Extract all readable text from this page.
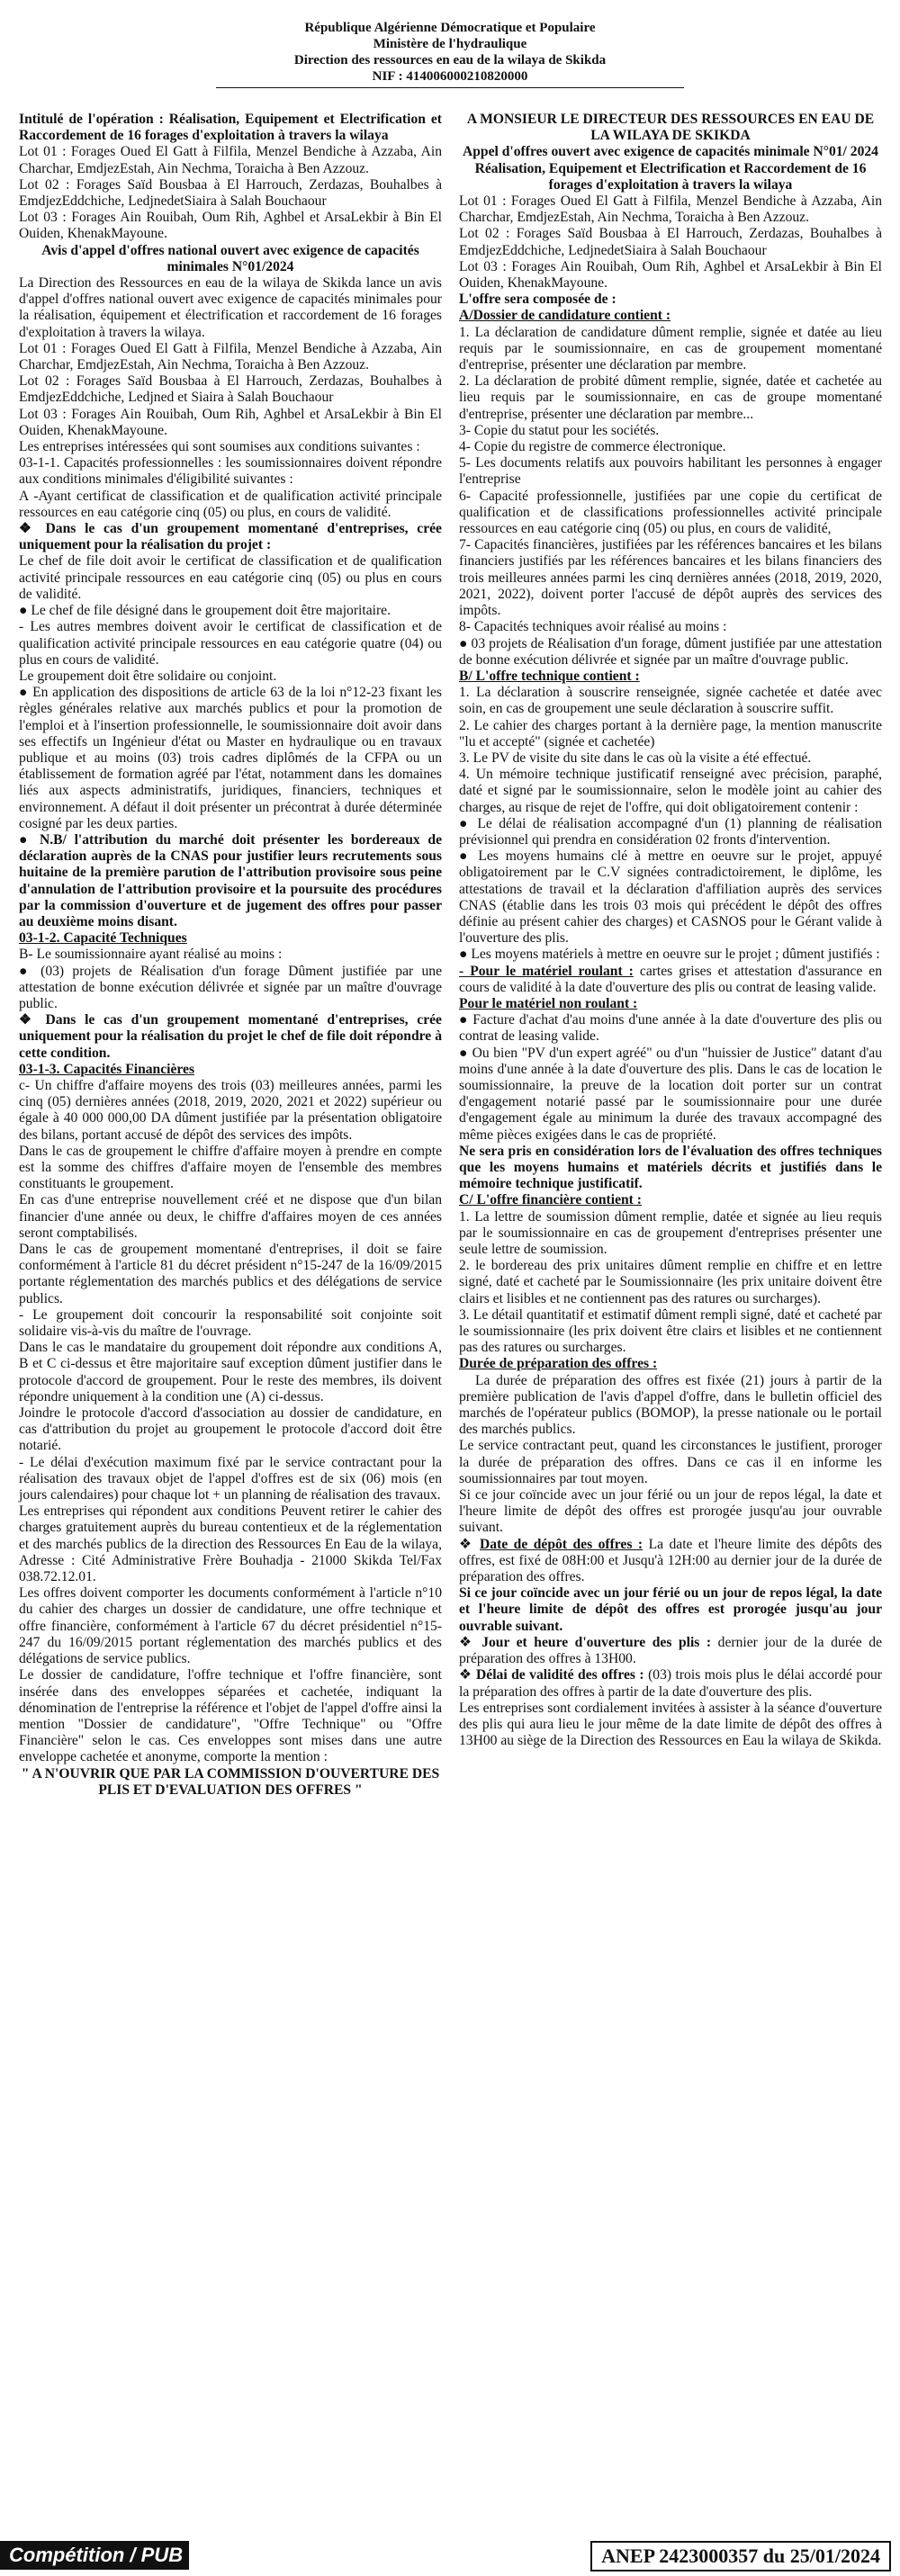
République Algérienne Démocratique et Populaire
Ministère de l'hydraulique
Direction des ressources en eau de la wilaya de Skikda
NIF : 414006000210820000

Intitulé de l'opération : Réalisation, Equipement et Electrification et Raccordement de 16 forages d'exploitation à travers la wilaya

Lot 01 : Forages Oued El Gatt à Filfila, Menzel Bendiche à Azzaba, Ain Charchar, EmdjezEstah, Ain Nechma, Toraicha à Ben Azzouz.

Lot 02 : Forages Saïd Bousbaa à El Harrouch, Zerdazas, Bouhalbes à EmdjezEddchiche, LedjnedetSiaira à Salah Bouchaour

Lot 03 : Forages Ain Rouibah, Oum Rih, Aghbel et ArsaLekbir à Bin El Ouiden, KhenakMayoune.

Avis d'appel d'offres national ouvert avec exigence de capacités minimales N°01/2024

La Direction des Ressources en eau de la wilaya de Skikda lance un avis d'appel d'offres national ouvert avec exigence de capacités minimales pour la réalisation, équipement et électrification et raccordement de 16 forages d'exploitation à travers la wilaya.

Lot 01 : Forages Oued El Gatt à Filfila, Menzel Bendiche à Azzaba, Ain Charchar, EmdjezEstah, Ain Nechma, Toraicha à Ben Azzouz.

Lot 02 : Forages Saïd Bousbaa à El Harrouch, Zerdazas, Bouhalbes à EmdjezEddchiche, Ledjned et Siaira à Salah Bouchaour

Lot 03 : Forages Ain Rouibah, Oum Rih, Aghbel et ArsaLekbir à Bin El Ouiden, KhenakMayoune.

Les entreprises intéressées qui sont soumises aux conditions suivantes :

03-1-1. Capacités professionnelles : les soumissionnaires doivent répondre aux conditions minimales d'éligibilité suivantes :

A -Ayant certificat de classification et de qualification activité principale ressources en eau catégorie cinq (05) ou plus, en cours de validité.

❖ Dans le cas d'un groupement momentané d'entreprises, crée uniquement pour la réalisation du projet :

Le chef de file doit avoir le certificat de classification et de qualification activité principale ressources en eau catégorie cinq (05) ou plus en cours de validité.

● Le chef de file désigné dans le groupement doit être majoritaire.

- Les autres membres doivent avoir le certificat de classification et de qualification activité principale ressources en eau catégorie quatre (04) ou plus en cours de validité.

Le groupement doit être solidaire ou conjoint.

● En application des dispositions de article 63 de la loi n°12-23 fixant les règles générales relative aux marchés publics et pour la promotion de l'emploi et à l'insertion professionnelle, le soumissionnaire doit avoir dans ses effectifs un Ingénieur d'état ou Master en hydraulique ou en travaux publique et au moins (03) trois cadres diplômés de la CFPA ou un établissement de formation agréé par l'état, notamment dans les domaines liés aux aspects administratifs, juridiques, financiers, techniques et environnement. A défaut il doit présenter un précontrat à durée déterminée cosigné par les deux parties.

● N.B/ l'attribution du marché doit présenter les bordereaux de déclaration auprès de la CNAS pour justifier leurs recrutements sous huitaine de la première parution de l'attribution provisoire sous peine d'annulation de l'attribution provisoire et la poursuite des procédures par la commission d'ouverture et de jugement des offres pour passer au deuxième moins disant.

03-1-2. Capacité Techniques

B- Le soumissionnaire ayant réalisé au moins :

● (03) projets de Réalisation d'un forage Dûment justifiée par une attestation de bonne exécution délivrée et signée par un maître d'ouvrage public.

❖ Dans le cas d'un groupement momentané d'entreprises, crée uniquement pour la réalisation du projet le chef de file doit répondre à cette condition.

03-1-3. Capacités Financières

c- Un chiffre d'affaire moyens des trois (03) meilleures années, parmi les cinq (05) dernières années (2018, 2019, 2020, 2021 et 2022) supérieur ou égale à 40 000 000,00 DA dûment justifiée par la présentation obligatoire des bilans, portant accusé de dépôt des services des impôts.

Dans le cas de groupement le chiffre d'affaire moyen à prendre en compte est la somme des chiffres d'affaire moyen de l'ensemble des membres constituants le groupement.

En cas d'une entreprise nouvellement créé et ne dispose que d'un bilan financier d'une année ou deux, le chiffre d'affaires moyen de ces années seront comptabilisés.

Dans le cas de groupement momentané d'entreprises, il doit se faire conformément à l'article 81 du décret président n°15-247 de la 16/09/2015 portante réglementation des marchés publics et des délégations de service publics.

- Le groupement doit concourir la responsabilité soit conjointe soit solidaire vis-à-vis du maître de l'ouvrage.

Dans le cas le mandataire du groupement doit répondre aux conditions A, B et C ci-dessus et être majoritaire sauf exception dûment justifier dans le protocole d'accord de groupement. Pour le reste des membres, ils doivent répondre uniquement à la condition une (A) ci-dessus.

Joindre le protocole d'accord d'association au dossier de candidature, en cas d'attribution du projet au groupement le protocole d'accord doit être notarié.

- Le délai d'exécution maximum fixé par le service contractant pour la réalisation des travaux objet de l'appel d'offres est de six (06) mois (en jours calendaires) pour chaque lot + un planning de réalisation des travaux.

Les entreprises qui répondent aux conditions Peuvent retirer le cahier des charges gratuitement auprès du bureau contentieux et de la réglementation et des marchés publics de la direction des Ressources En Eau de la wilaya, Adresse : Cité Administrative Frère Bouhadja - 21000 Skikda Tel/Fax 038.72.12.01.

Les offres doivent comporter les documents conformément à l'article n°10 du cahier des charges un dossier de candidature, une offre technique et offre financière, conformément à l'article 67 du décret présidentiel n°15-247 du 16/09/2015 portant réglementation des marchés publics et des délégations de service publics.

Le dossier de candidature, l'offre technique et l'offre financière, sont insérée dans des enveloppes séparées et cachetée, indiquant la dénomination de l'entreprise la référence et l'objet de l'appel d'offre ainsi la mention "Dossier de candidature", "Offre Technique" ou "Offre Financière" selon le cas. Ces enveloppes sont mises dans une autre enveloppe cachetée et anonyme, comporte la mention :

" A N'OUVRIR QUE PAR LA COMMISSION D'OUVERTURE DES PLIS ET D'EVALUATION DES OFFRES "

A MONSIEUR LE DIRECTEUR DES RESSOURCES EN EAU DE LA WILAYA DE SKIKDA

Appel d'offres ouvert avec exigence de capacités minimale N°01/ 2024

Réalisation, Equipement et Electrification et Raccordement de 16 forages d'exploitation à travers la wilaya

Lot 01 : Forages Oued El Gatt à Filfila, Menzel Bendiche à Azzaba, Ain Charchar, EmdjezEstah, Ain Nechma, Toraicha à Ben Azzouz.

Lot 02 : Forages Saïd Bousbaa à El Harrouch, Zerdazas, Bouhalbes à EmdjezEddchiche, LedjnedetSiaira à Salah Bouchaour

Lot 03 : Forages Ain Rouibah, Oum Rih, Aghbel et ArsaLekbir à Bin El Ouiden, KhenakMayoune.

L'offre sera composée de :

A/Dossier de candidature contient :

1. La déclaration de candidature dûment remplie, signée et datée au lieu requis par le soumissionnaire, en cas de groupement momentané d'entreprise, présenter une déclaration par membre.

2. La déclaration de probité dûment remplie, signée, datée et cachetée au lieu requis par le soumissionnaire, en cas de groupe momentané d'entreprise, présenter une déclaration par membre...

3- Copie du statut pour les sociétés.

4- Copie du registre de commerce électronique.

5- Les documents relatifs aux pouvoirs habilitant les personnes à engager l'entreprise

6- Capacité professionnelle, justifiées par une copie du certificat de qualification et de classifications professionnelles activité principale ressources en eau catégorie cinq (05) ou plus, en cours de validité,

7- Capacités financières, justifiées par les références bancaires et les bilans financiers justifiés par les références bancaires et les bilans financiers des trois meilleures années parmi les cinq dernières années (2018, 2019, 2020, 2021, 2022), doivent porter l'accusé de dépôt auprès des services des impôts.

8- Capacités techniques avoir réalisé au moins :

● 03 projets de Réalisation d'un forage, dûment justifiée par une attestation de bonne exécution délivrée et signée par un maître d'ouvrage public.

B/ L'offre technique contient :

1. La déclaration à souscrire renseignée, signée cachetée et datée avec soin, en cas de groupement une seule déclaration à souscrire suffit.

2. Le cahier des charges portant à la dernière page, la mention manuscrite "lu et accepté" (signée et cachetée)

3. Le PV de visite du site dans le cas où la visite a été effectué.

4. Un mémoire technique justificatif renseigné avec précision, paraphé, daté et signé par le soumissionnaire, selon le modèle joint au cahier des charges, au risque de rejet de l'offre, qui doit obligatoirement contenir :

● Le délai de réalisation accompagné d'un (1) planning de réalisation prévisionnel qui prendra en considération 02 fronts d'intervention.

● Les moyens humains clé à mettre en oeuvre sur le projet, appuyé obligatoirement par le C.V signées contradictoirement, le diplôme, les attestations de travail et la déclaration d'affiliation auprès des services CNAS (établie dans les trois 03 mois qui précédent le dépôt des offres définie au présent cahier des charges) et CASNOS pour le Gérant valide à l'ouverture des plis.

● Les moyens matériels à mettre en oeuvre sur le projet ; dûment justifiés :

- Pour le matériel roulant : cartes grises et attestation d'assurance en cours de validité à la date d'ouverture des plis ou contrat de leasing valide.

Pour le matériel non roulant :

● Facture d'achat d'au moins d'une année à la date d'ouverture des plis ou contrat de leasing valide.

● Ou bien "PV d'un expert agréé" ou d'un "huissier de Justice" datant d'au moins d'une année à la date d'ouverture des plis. Dans le cas de location le soumissionnaire, la preuve de la location doit porter sur un contrat d'engagement notarié passé par le soumissionnaire pour une durée d'engagement égale au minimum la durée des travaux accompagné des même pièces exigées dans le cas de propriété.

Ne sera pris en considération lors de l'évaluation des offres techniques que les moyens humains et matériels décrits et justifiés dans le mémoire technique justificatif.

C/ L'offre financière contient :

1. La lettre de soumission dûment remplie, datée et signée au lieu requis par le soumissionnaire en cas de groupement d'entreprises présenter une seule lettre de soumission.

2. le bordereau des prix unitaires dûment remplie en chiffre et en lettre signé, daté et cacheté par le Soumissionnaire (les prix unitaire doivent être clairs et lisibles et ne contiennent pas des ratures ou surcharges).

3. Le détail quantitatif et estimatif dûment rempli signé, daté et cacheté par le soumissionnaire (les prix doivent être clairs et lisibles et ne contiennent pas des ratures ou surcharges.

Durée de préparation des offres :

La durée de préparation des offres est fixée (21) jours à partir de la première publication de l'avis d'appel d'offre, dans le bulletin officiel des marchés de l'opérateur publics (BOMOP), la presse nationale ou le portail des marchés publics.

Le service contractant peut, quand les circonstances le justifient, proroger la durée de préparation des offres. Dans ce cas il en informe les soumissionnaires par tout moyen.

Si ce jour coïncide avec un jour férié ou un jour de repos légal, la date et l'heure limite de dépôt des offres est prorogée jusqu'au jour ouvrable suivant.

❖ Date de dépôt des offres : La date et l'heure limite des dépôts des offres, est fixé de 08H:00 et Jusqu'à 12H:00 au dernier jour de la durée de préparation des offres.

Si ce jour coïncide avec un jour férié ou un jour de repos légal, la date et l'heure limite de dépôt des offres est prorogée jusqu'au jour ouvrable suivant.

❖ Jour et heure d'ouverture des plis : dernier jour de la durée de préparation des offres à 13H00.

❖ Délai de validité des offres : (03) trois mois plus le délai accordé pour la préparation des offres à partir de la date d'ouverture des plis.

Les entreprises sont cordialement invitées à assister à la séance d'ouverture des plis qui aura lieu le jour même de la date limite de dépôt des offres à 13H00 au siège de la Direction des Ressources en Eau la wilaya de Skikda.

Compétition / PUB	ANEP 2423000357 du 25/01/2024
